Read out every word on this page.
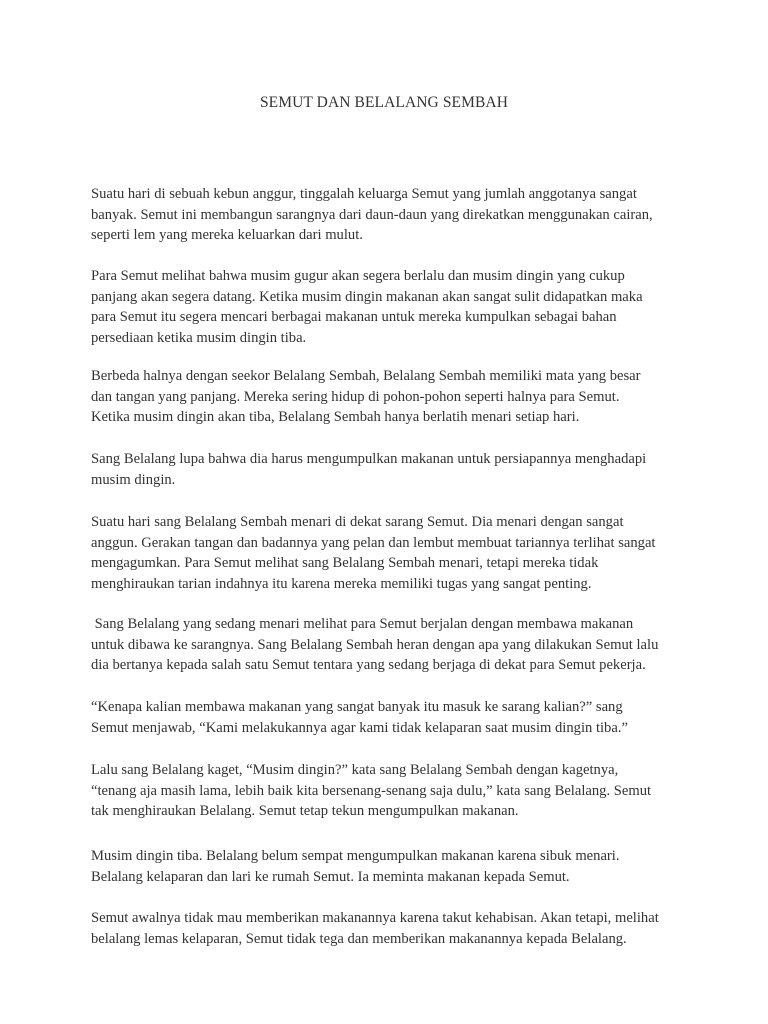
SEMUT DAN BELALANG SEMBAH

Suatu hari di sebuah kebun anggur, tinggalah keluarga Semut yang jumlah anggotanya sangat
banyak. Semut ini membangun sarangnya dari daun-daun yang direkatkan menggunakan cairan,
seperti lem yang mereka keluarkan dari mulut.

Para Semut melihat bahwa musim gugur akan segera berlalu dan musim dingin yang cukup
panjang akan segera datang. Ketika musim dingin makanan akan sangat sulit didapatkan maka
para Semut itu segera mencari berbagai makanan untuk mereka kumpulkan sebagai bahan
persediaan ketika musim dingin tiba.

Berbeda halnya dengan seekor Belalang Sembah, Belalang Sembah memiliki mata yang besar
dan tangan yang panjang. Mereka sering hidup di pohon-pohon seperti halnya para Semut.
Ketika musim dingin akan tiba, Belalang Sembah hanya berlatih menari setiap hari.

Sang Belalang lupa bahwa dia harus mengumpulkan makanan untuk persiapannya menghadapi
musim dingin.

Suatu hari sang Belalang Sembah menari di dekat sarang Semut. Dia menari dengan sangat
anggun. Gerakan tangan dan badannya yang pelan dan lembut membuat tariannya terlihat sangat
mengagumkan. Para Semut melihat sang Belalang Sembah menari, tetapi mereka tidak
menghiraukan tarian indahnya itu karena mereka memiliki tugas yang sangat penting.

Sang Belalang yang sedang menari melihat para Semut berjalan dengan membawa makanan
untuk dibawa ke sarangnya. Sang Belalang Sembah heran dengan apa yang dilakukan Semut lalu
dia bertanya kepada salah satu Semut tentara yang sedang berjaga di dekat para Semut pekerja.

“Kenapa kalian membawa makanan yang sangat banyak itu masuk ke sarang kalian?” sang
Semut menjawab, “Kami melakukannya agar kami tidak kelaparan saat musim dingin tiba.”

Lalu sang Belalang kaget, “Musim dingin?” kata sang Belalang Sembah dengan kagetnya,
“tenang aja masih lama, lebih baik kita bersenang-senang saja dulu,” kata sang Belalang. Semut
tak menghiraukan Belalang. Semut tetap tekun mengumpulkan makanan.

Musim dingin tiba. Belalang belum sempat mengumpulkan makanan karena sibuk menari.
Belalang kelaparan dan lari ke rumah Semut. Ia meminta makanan kepada Semut.

Semut awalnya tidak mau memberikan makanannya karena takut kehabisan. Akan tetapi, melihat
belalang lemas kelaparan, Semut tidak tega dan memberikan makanannya kepada Belalang.
